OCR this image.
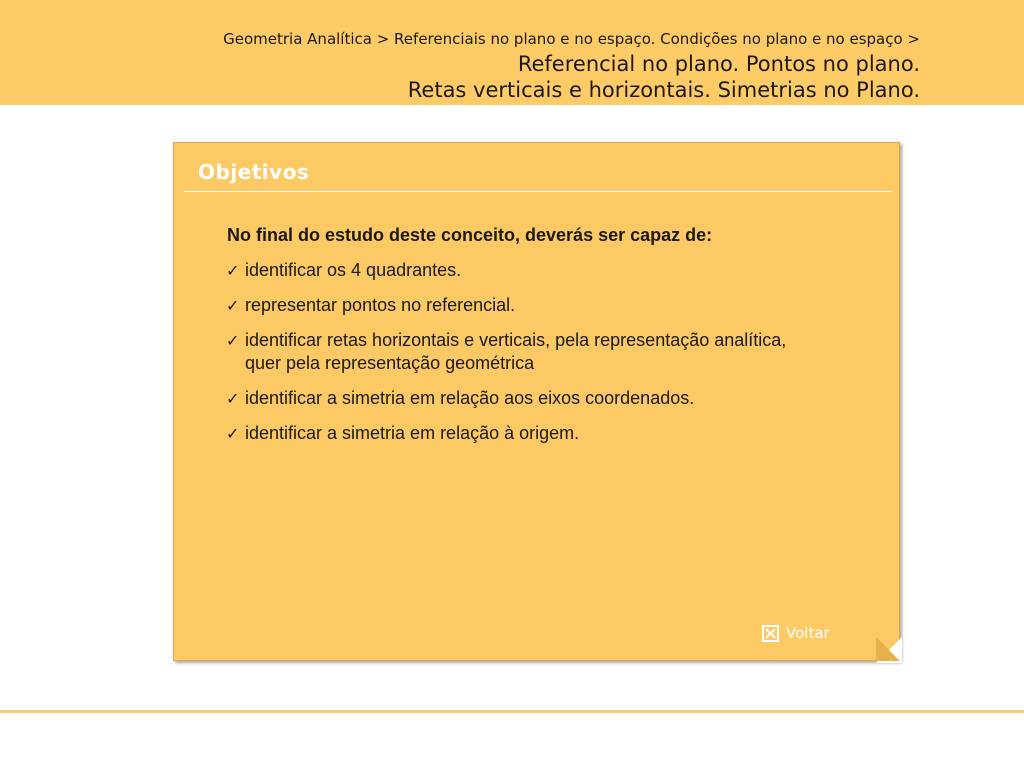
Geometria Analítica > Referenciais no plano e no espaço. Condições no plano e no espaço >
Referencial no plano. Pontos no plano.
Retas verticais e horizontais. Simetrias no Plano.
Objetivos
No final do estudo deste conceito, deverás ser capaz de:
✓ identificar os 4 quadrantes.
✓ representar pontos no referencial.
✓ identificar retas horizontais e verticais, pela representação analítica, quer pela representação geométrica
✓ identificar a simetria em relação aos eixos coordenados.
✓ identificar a simetria em relação à origem.
Voltar
